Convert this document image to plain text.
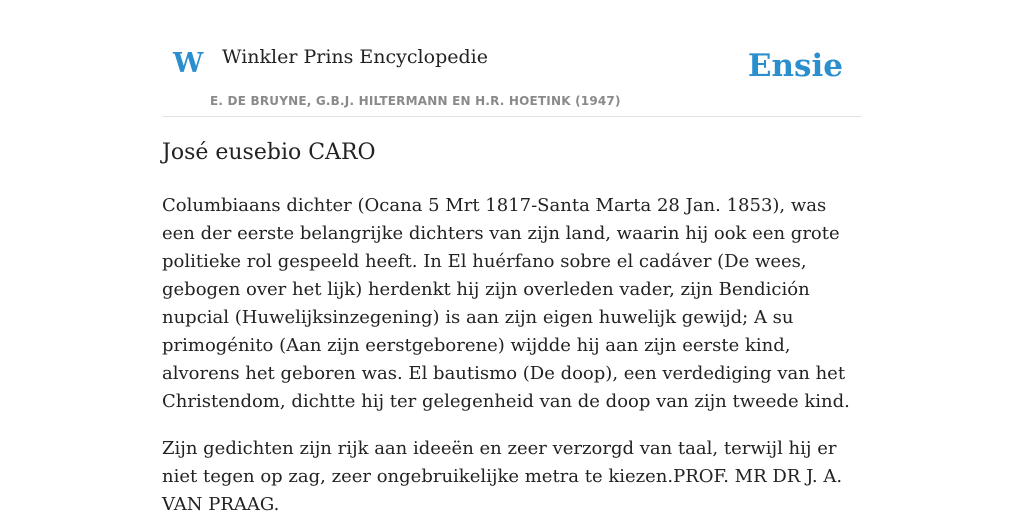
W Winkler Prins Encyclopedie
E. DE BRUYNE, G.B.J. HILTERMANN EN H.R. HOETINK (1947)
Ensie
José eusebio CARO

Columbiaans dichter (Ocana 5 Mrt 1817-Santa Marta 28 Jan. 1853), was een der eerste belangrijke dichters van zijn land, waarin hij ook een grote politieke rol gespeeld heeft. In El huérfano sobre el cadáver (De wees, gebogen over het lijk) herdenkt hij zijn overleden vader, zijn Bendición nupcial (Huwelijksinzegening) is aan zijn eigen huwelijk gewijd; A su primogénito (Aan zijn eerstgeborene) wijdde hij aan zijn eerste kind, alvorens het geboren was. El bautismo (De doop), een verdediging van het Christendom, dichtte hij ter gelegenheid van de doop van zijn tweede kind.

Zijn gedichten zijn rijk aan ideeën en zeer verzorgd van taal, terwijl hij er niet tegen op zag, zeer ongebruikelijke metra te kiezen.PROF. MR DR J. A. VAN PRAAG.
